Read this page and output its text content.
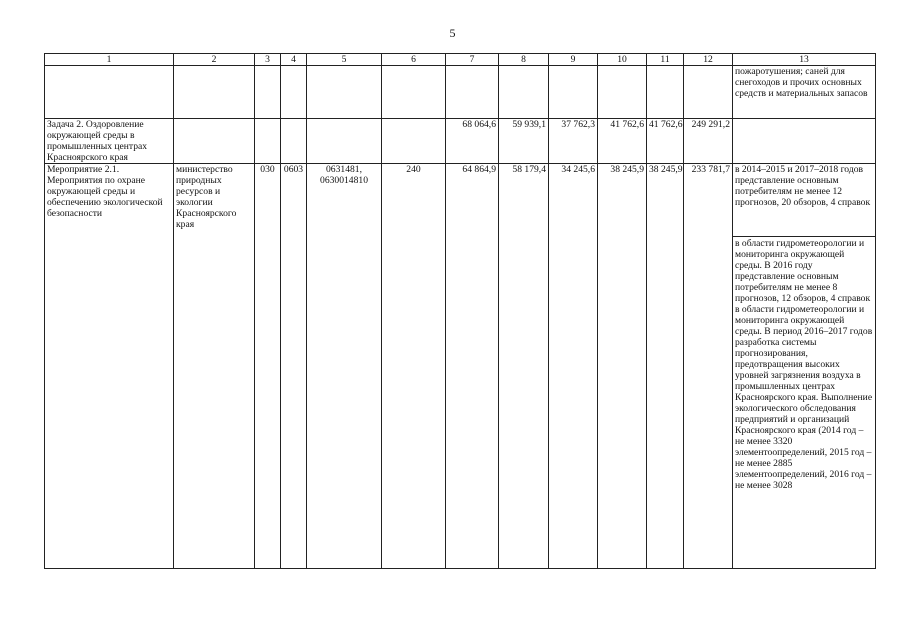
5
1	2	3	4	5	6	7	8	9	10	11	12	13
												пожаротушения; саней для снегоходов и прочих основных средств и материальных запасов
Задача 2. Оздоровление окружающей среды в промышленных центрах Красноярского края						68 064,6	59 939,1	37 762,3	41 762,6	41 762,6	249 291,2	
Мероприятие 2.1. Мероприятия по охране окружающей среды и обеспечению экологической безопасности	министерство природных ресурсов и экологии Красноярского края	030	0603	0631481, 0630014810	240	64 864,9	58 179,4	34 245,6	38 245,9	38 245,9	233 781,7	в 2014–2015 и 2017–2018 годов представление основным потребителям не менее 12 прогнозов, 20 обзоров, 4 справок
												в области гидрометеорологии и мониторинга окружающей среды. В 2016 году представление основным потребителям не менее 8 прогнозов, 12 обзоров, 4 справок в области гидрометеорологии и мониторинга окружающей среды. В период 2016–2017 годов разработка системы прогнозирования, предотвращения высоких уровней загрязнения воздуха в промышленных центрах Красноярского края. Выполнение экологического обследования предприятий и организаций Красноярского края (2014 год – не менее 3320 элементоопределений, 2015 год – не менее 2885 элементоопределений, 2016 год – не менее 3028
